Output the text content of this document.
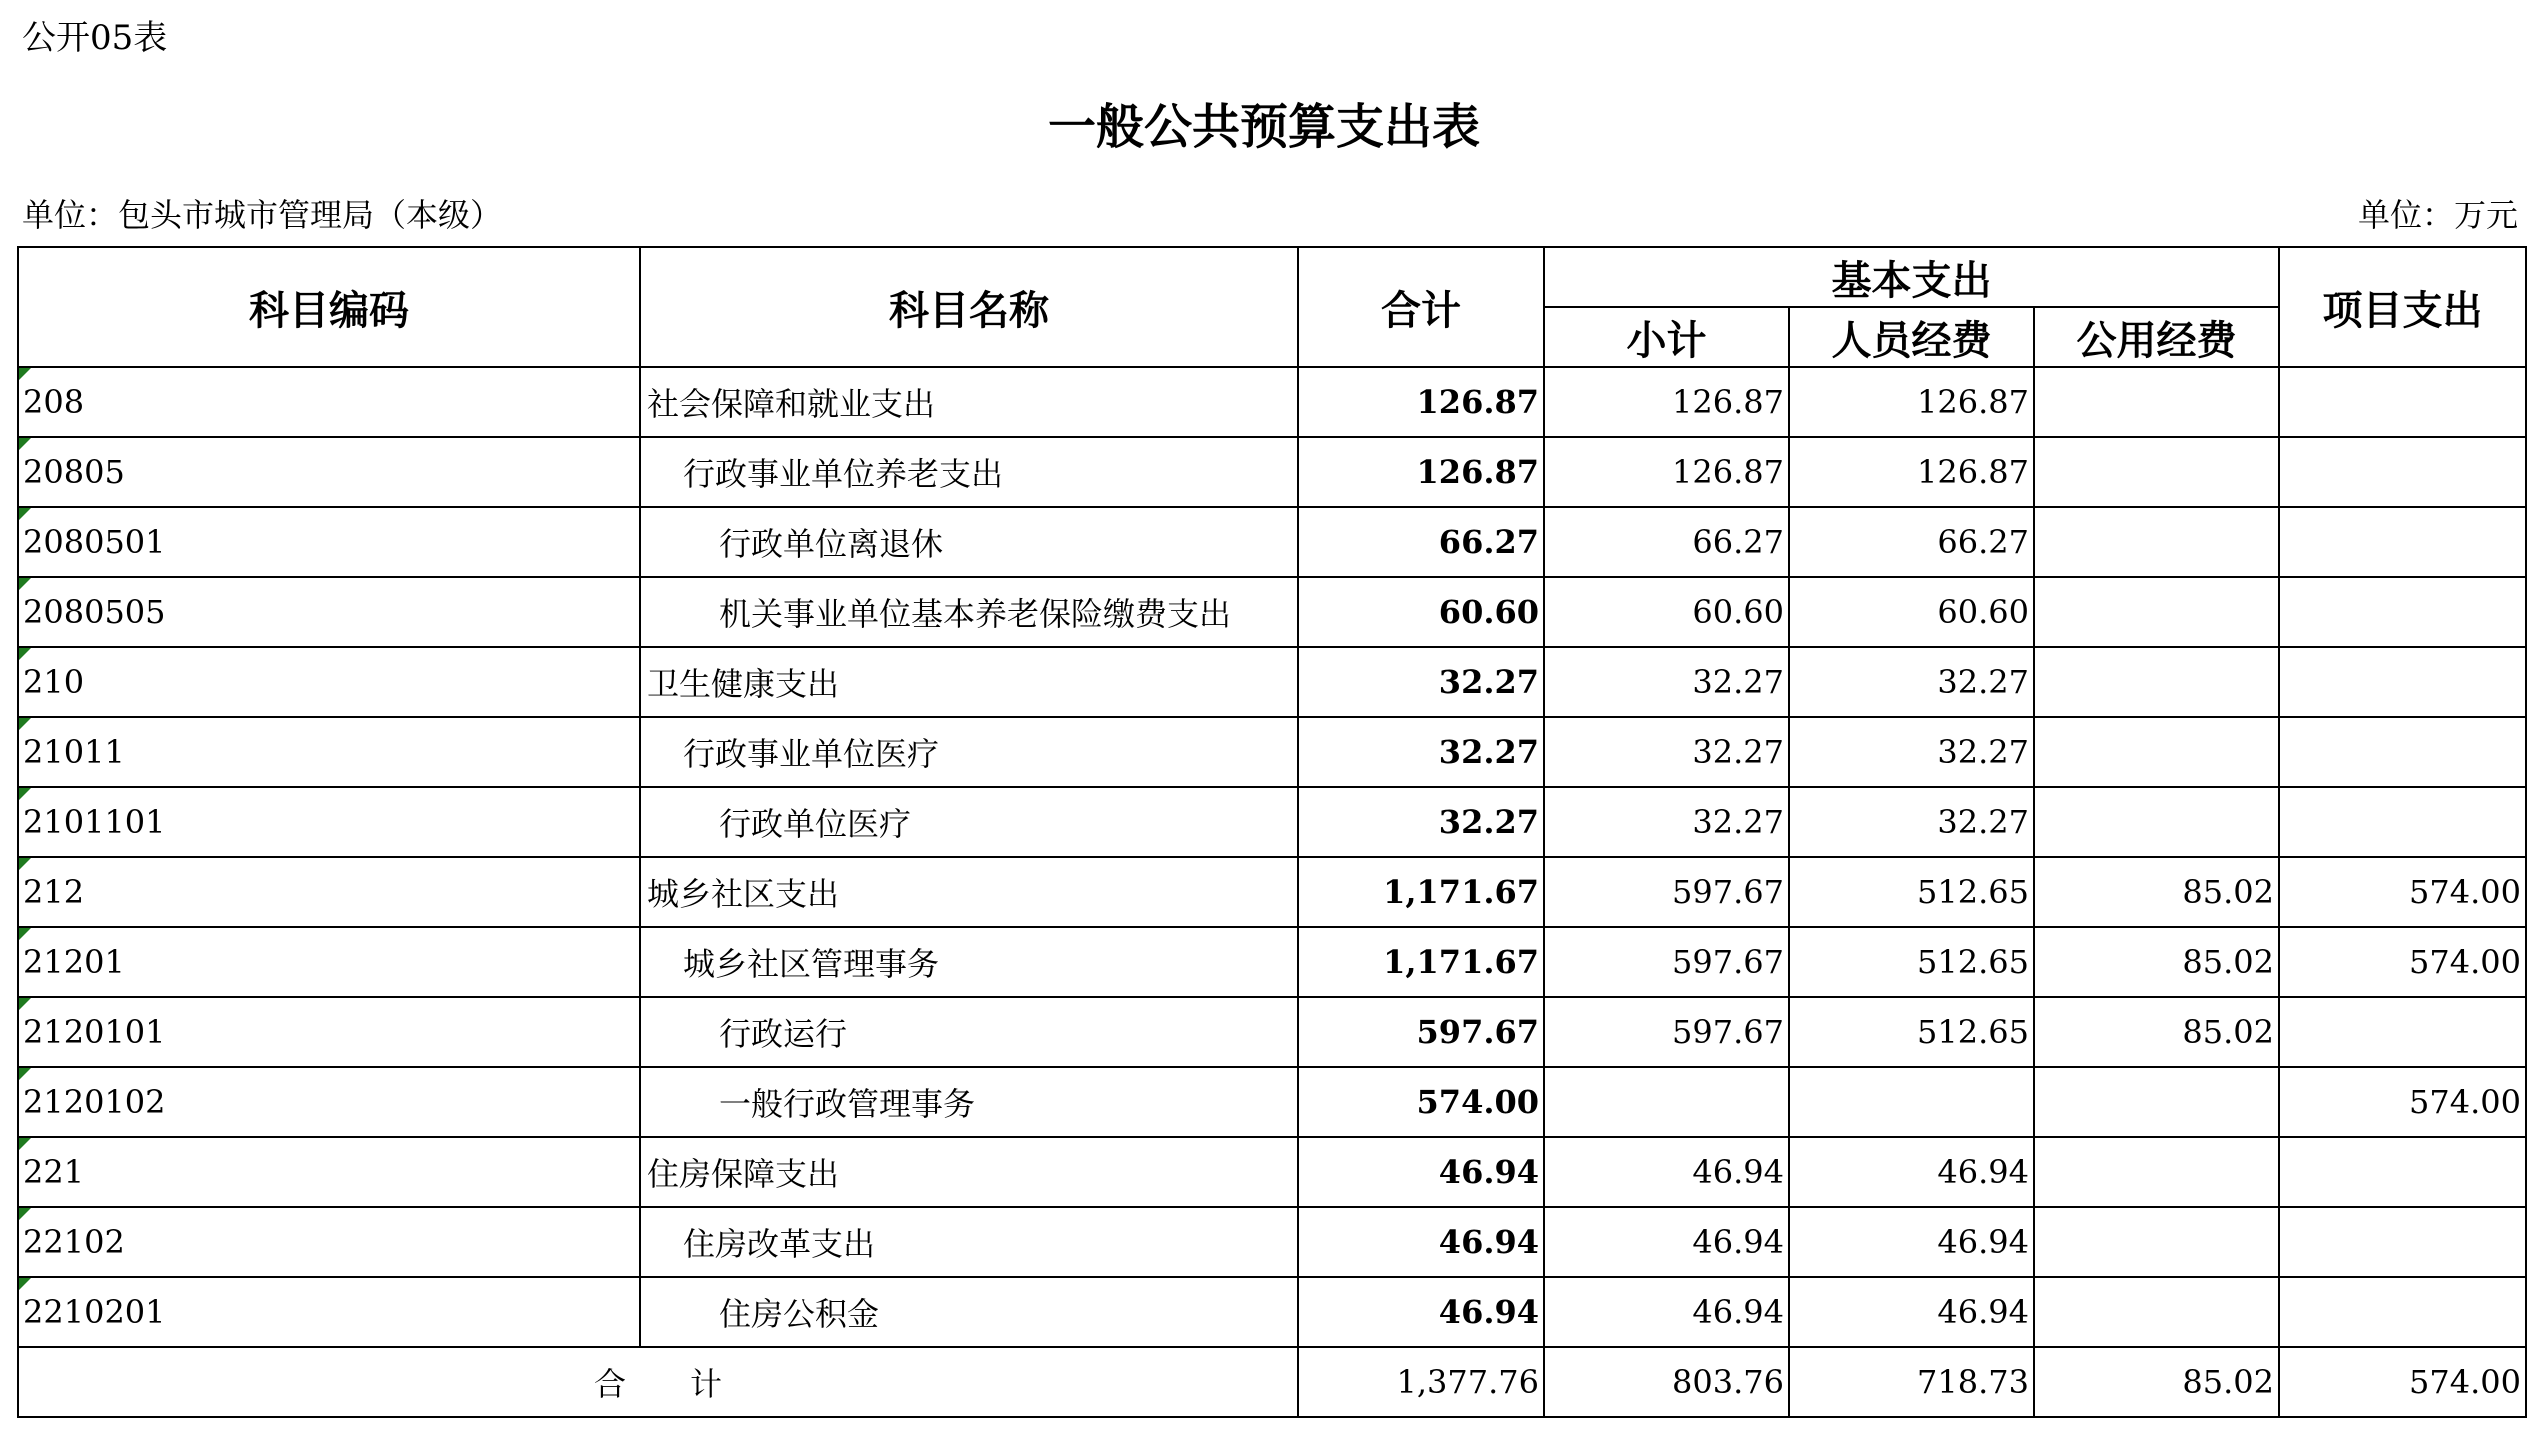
公开05表
一般公共预算支出表
单位：包头市城市管理局（本级）	单位：万元
科目编码	科目名称	合计	基本支出			项目支出
			小计	人员经费	公用经费	
208	社会保障和就业支出	126.87	126.87	126.87		
20805	行政事业单位养老支出	126.87	126.87	126.87		
2080501	行政单位离退休	66.27	66.27	66.27		
2080505	机关事业单位基本养老保险缴费支出	60.60	60.60	60.60		
210	卫生健康支出	32.27	32.27	32.27		
21011	行政事业单位医疗	32.27	32.27	32.27		
2101101	行政单位医疗	32.27	32.27	32.27		
212	城乡社区支出	1,171.67	597.67	512.65	85.02	574.00
21201	城乡社区管理事务	1,171.67	597.67	512.65	85.02	574.00
2120101	行政运行	597.67	597.67	512.65	85.02	
2120102	一般行政管理事务	574.00				574.00
221	住房保障支出	46.94	46.94	46.94		
22102	住房改革支出	46.94	46.94	46.94		
2210201	住房公积金	46.94	46.94	46.94		
合　　计		1,377.76	803.76	718.73	85.02	574.00
